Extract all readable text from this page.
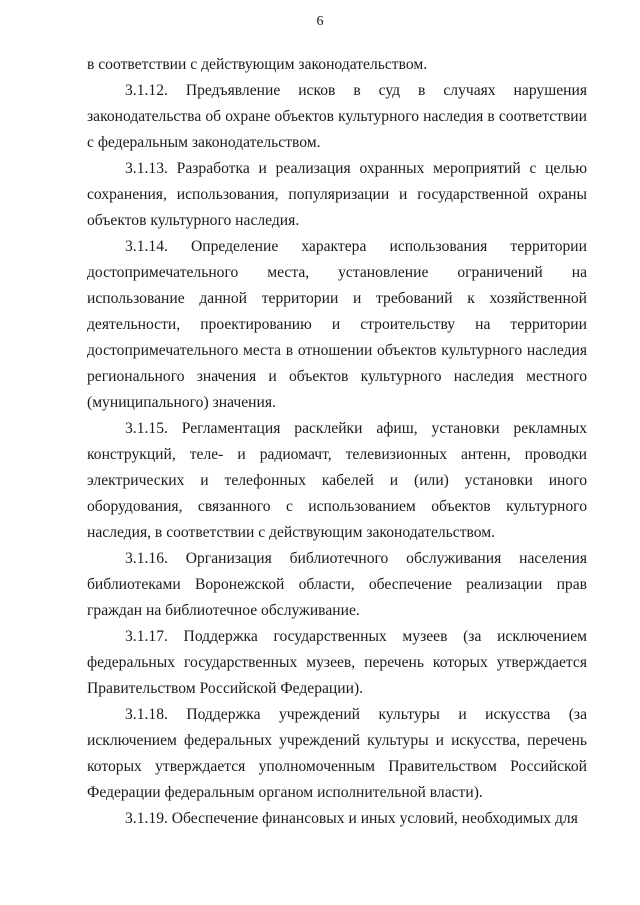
6

в соответствии с действующим законодательством.

3.1.12. Предъявление исков в суд в случаях нарушения законодательства об охране объектов культурного наследия в соответствии с федеральным законодательством.

3.1.13. Разработка и реализация охранных мероприятий с целью сохранения, использования, популяризации и государственной охраны объектов культурного наследия.

3.1.14. Определение характера использования территории достопримечательного места, установление ограничений на использование данной территории и требований к хозяйственной деятельности, проектированию и строительству на территории достопримечательного места в отношении объектов культурного наследия регионального значения и объектов культурного наследия местного (муниципального) значения.

3.1.15. Регламентация расклейки афиш, установки рекламных конструкций, теле- и радиомачт, телевизионных антенн, проводки электрических и телефонных кабелей и (или) установки иного оборудования, связанного с использованием объектов культурного наследия, в соответствии с действующим законодательством.

3.1.16. Организация библиотечного обслуживания населения библиотеками Воронежской области, обеспечение реализации прав граждан на библиотечное обслуживание.

3.1.17. Поддержка государственных музеев (за исключением федеральных государственных музеев, перечень которых утверждается Правительством Российской Федерации).

3.1.18. Поддержка учреждений культуры и искусства (за исключением федеральных учреждений культуры и искусства, перечень которых утверждается уполномоченным Правительством Российской Федерации федеральным органом исполнительной власти).

3.1.19. Обеспечение финансовых и иных условий, необходимых для
